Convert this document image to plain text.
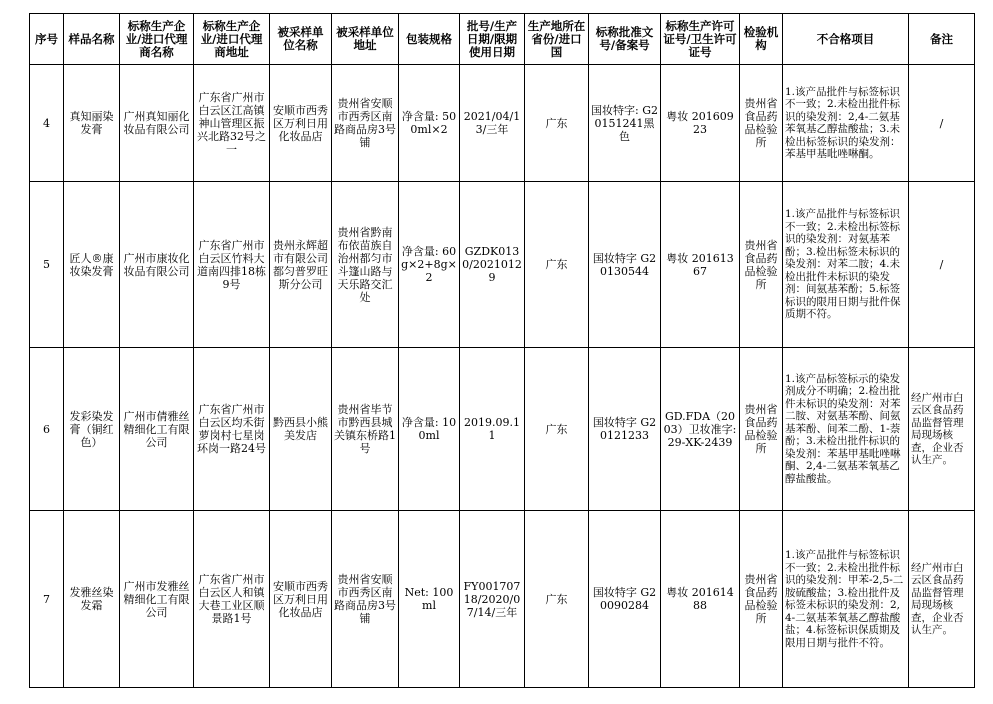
序号	样品名称	标称生产企业/进口代理商名称	标称生产企业/进口代理商地址	被采样单位名称	被采样单位地址	包装规格	批号/生产日期/限期使用日期	生产地所在省份/进口国	标称批准文号/备案号	标称生产许可证号/卫生许可证号	检验机构	不合格项目	备注
4	真知丽染发膏	广州真知丽化妆品有限公司	广东省广州市白云区江高镇神山管理区振兴北路32号之一	安顺市西秀区万利日用化妆品店	贵州省安顺市西秀区南路商品房3号铺	净含量: 500ml×2	2021/04/13/三年	广东	国妆特字: G20151241黑色	粤妆 20160923	贵州省食品药品检验所	1.该产品批件与标签标识不一致；2.未检出批件标识的染发剂：2,4-二氨基苯氧基乙醇盐酸盐；3.未检出标签标识的染发剂：苯基甲基吡唑啉酮。	/
5	匠人®康妆染发膏	广州市康妆化妆品有限公司	广东省广州市白云区竹料大道南四排18栋9号	贵州永辉超市有限公司都匀普罗旺斯分公司	贵州省黔南布依苗族自治州都匀市斗篷山路与天乐路交汇处	净含量: 60g×2+8g×2	GZDK0130/20210129	广东	国妆特字 G20130544	粤妆 20161367	贵州省食品药品检验所	1.该产品批件与标签标识不一致；2.未检出标签标识的染发剂：对氨基苯酚；3.检出标签未标识的染发剂：对苯二胺；4.未检出批件未标识的染发剂：间氨基苯酚；5.标签标识的限用日期与批件保质期不符。	/
6	发彩染发膏（铜红色）	广州市倩雅丝精细化工有限公司	广东省广州市白云区均禾街萝岗村七星岗环岗一路24号	黔西县小熊美发店	贵州省毕节市黔西县城关镇东桥路1号	净含量: 100ml	2019.09.11	广东	国妆特字 G20121233	GD.FDA（2003）卫妆准字: 29-XK-2439	贵州省食品药品检验所	1.该产品标签标示的染发剂成分不明确；2.检出批件未标识的染发剂：对苯二胺、对氨基苯酚、间氨基苯酚、间苯二酚、1-萘酚；3.未检出批件标识的染发剂：苯基甲基吡唑啉酮、2,4-二氨基苯氧基乙醇盐酸盐。	经广州市白云区食品药品监督管理局现场核查，企业否认生产。
7	发雅丝染发霜	广州市发雅丝精细化工有限公司	广东省广州市白云区人和镇大巷工业区顺景路1号	安顺市西秀区万利日用化妆品店	贵州省安顺市西秀区南路商品房3号铺	Net: 100ml	FY00170718/2020/07/14/三年	广东	国妆特字 G20090284	粤妆 20161488	贵州省食品药品检验所	1.该产品批件与标签标识不一致；2.未检出批件标识的染发剂：甲苯-2,5-二胺硫酸盐；3.检出批件及标签未标识的染发剂：2,4-二氨基苯氧基乙醇盐酸盐；4.标签标识保质期及限用日期与批件不符。	经广州市白云区食品药品监督管理局现场核查，企业否认生产。
